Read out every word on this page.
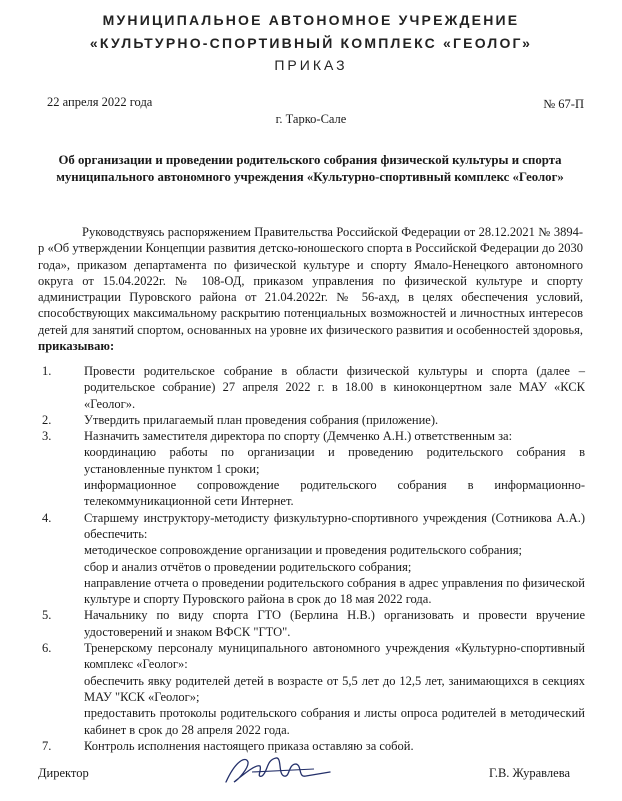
МУНИЦИПАЛЬНОЕ АВТОНОМНОЕ УЧРЕЖДЕНИЕ
«КУЛЬТУРНО-СПОРТИВНЫЙ КОМПЛЕКС «ГЕОЛОГ»
ПРИКАЗ
22 апреля 2022 года	№ 67-П
г. Тарко-Сале
Об организации и проведении родительского собрания физической культуры и спорта
муниципального автономного учреждения «Культурно-спортивный комплекс «Геолог»
Руководствуясь распоряжением Правительства Российской Федерации от 28.12.2021 № 3894-р «Об утверждении Концепции развития детско-юношеского спорта в Российской Федерации до 2030 года», приказом департамента по физической культуре и спорту Ямало-Ненецкого автономного округа от 15.04.2022г. № 108-ОД, приказом управления по физической культуре и спорту администрации Пуровского района от 21.04.2022г. № 56-ахд, в целях обеспечения условий, способствующих максимальному раскрытию потенциальных возможностей и личностных интересов детей для занятий спортом, основанных на уровне их физического развития и особенностей здоровья, приказываю:
1.	Провести родительское собрание в области физической культуры и спорта (далее – родительское собрание) 27 апреля 2022 г. в 18.00 в киноконцертном зале МАУ «КСК «Геолог».

2.	Утвердить прилагаемый план проведения собрания (приложение).

3.	Назначить заместителя директора по спорту (Демченко А.Н.) ответственным за:

координацию работы по организации и проведению родительского собрания в установленные пунктом 1 сроки;

информационное сопровождение родительского собрания в информационно-телекоммуникационной сети Интернет.

4.	Старшему инструктору-методисту физкультурно-спортивного учреждения (Сотникова А.А.) обеспечить:

методическое сопровождение организации и проведения родительского собрания;

сбор и анализ отчётов о проведении родительского собрания;

направление отчета о проведении родительского собрания в адрес управления по физической культуре и спорту Пуровского района в срок до 18 мая 2022 года.

5.	Начальнику по виду спорта ГТО (Берлина Н.В.) организовать и провести вручение удостоверений и знаком ВФСК "ГТО".

6.	Тренерскому персоналу муниципального автономного учреждения «Культурно-спортивный комплекс «Геолог»:

обеспечить явку родителей детей в возрасте от 5,5 лет до 12,5 лет, занимающихся в секциях МАУ "КСК «Геолог»;

предоставить протоколы родительского собрания и листы опроса родителей в методический кабинет в срок до 28 апреля 2022 года.

7.	Контроль исполнения настоящего приказа оставляю за собой.

Директор	Г.В. Журавлева
